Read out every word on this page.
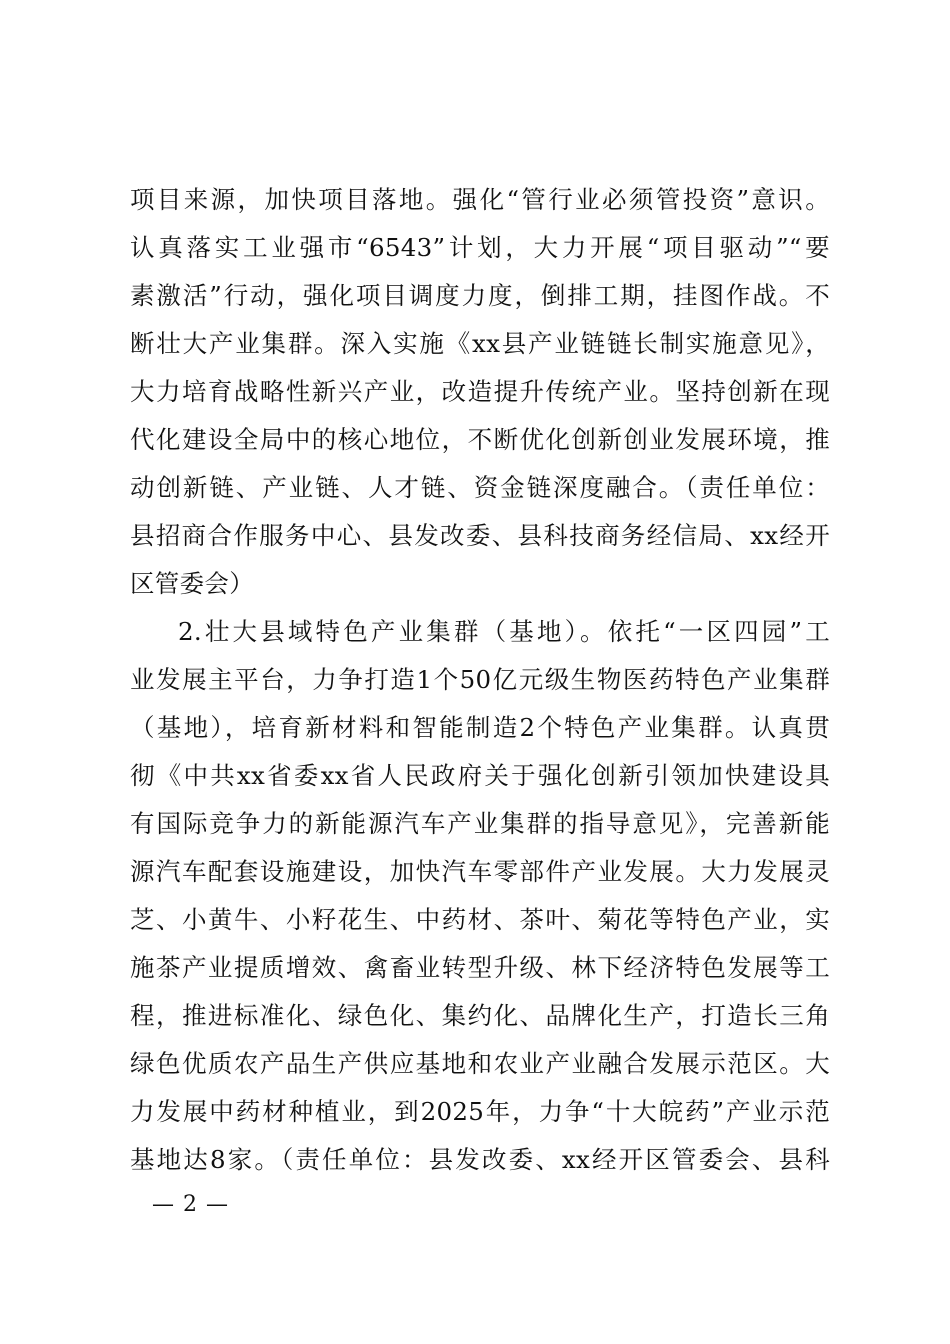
项目来源，加快项目落地。强化“管行业必须管投资”意识。
认真落实工业强市“6543”计划，大力开展“项目驱动”“要
素激活”行动，强化项目调度力度，倒排工期，挂图作战。不
断壮大产业集群。深入实施《xx县产业链链长制实施意见》，
大力培育战略性新兴产业，改造提升传统产业。坚持创新在现
代化建设全局中的核心地位，不断优化创新创业发展环境，推
动创新链、产业链、人才链、资金链深度融合。（责任单位：
县招商合作服务中心、县发改委、县科技商务经信局、xx经开
区管委会）
2.壮大县域特色产业集群（基地）。依托“一区四园”工
业发展主平台，力争打造1个50亿元级生物医药特色产业集群
（基地），培育新材料和智能制造2个特色产业集群。认真贯
彻《中共xx省委xx省人民政府关于强化创新引领加快建设具
有国际竞争力的新能源汽车产业集群的指导意见》，完善新能
源汽车配套设施建设，加快汽车零部件产业发展。大力发展灵
芝、小黄牛、小籽花生、中药材、茶叶、菊花等特色产业，实
施茶产业提质增效、禽畜业转型升级、林下经济特色发展等工
程，推进标准化、绿色化、集约化、品牌化生产，打造长三角
绿色优质农产品生产供应基地和农业产业融合发展示范区。大
力发展中药材种植业，到2025年，力争“十大皖药”产业示范
基地达8家。（责任单位：县发改委、xx经开区管委会、县科
— 2 —
